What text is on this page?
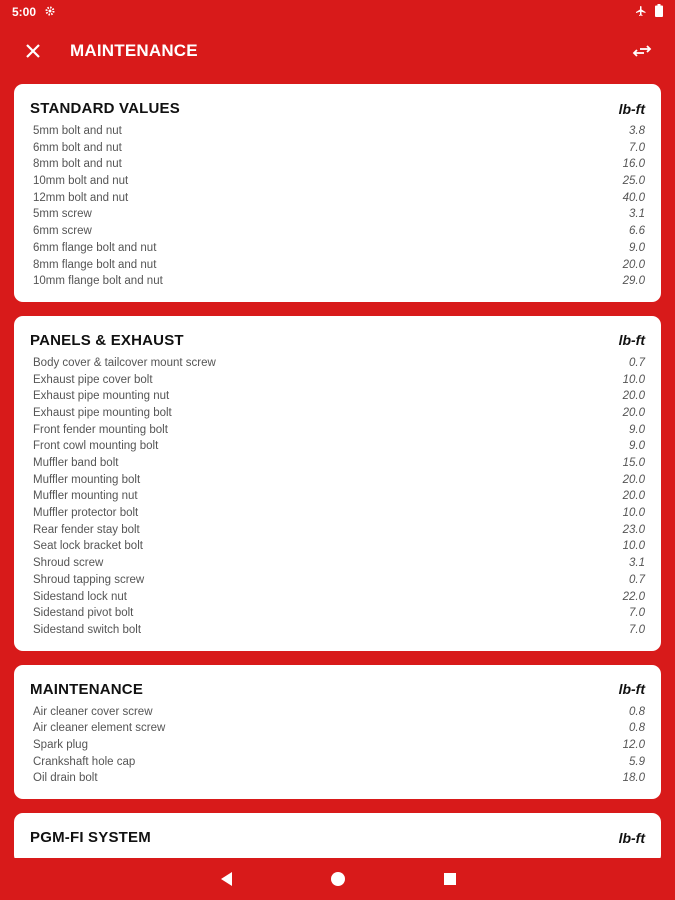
5:00
MAINTENANCE
STANDARD VALUES	lb-ft
5mm bolt and nut	3.8
6mm bolt and nut	7.0
8mm bolt and nut	16.0
10mm bolt and nut	25.0
12mm bolt and nut	40.0
5mm screw	3.1
6mm screw	6.6
6mm flange bolt and nut	9.0
8mm flange bolt and nut	20.0
10mm flange bolt and nut	29.0
PANELS & EXHAUST	lb-ft
Body cover & tailcover mount screw	0.7
Exhaust pipe cover bolt	10.0
Exhaust pipe mounting nut	20.0
Exhaust pipe mounting bolt	20.0
Front fender mounting bolt	9.0
Front cowl mounting bolt	9.0
Muffler band bolt	15.0
Muffler mounting bolt	20.0
Muffler mounting nut	20.0
Muffler protector bolt	10.0
Rear fender stay bolt	23.0
Seat lock bracket bolt	10.0
Shroud screw	3.1
Shroud tapping screw	0.7
Sidestand lock nut	22.0
Sidestand pivot bolt	7.0
Sidestand switch bolt	7.0
MAINTENANCE	lb-ft
Air cleaner cover screw	0.8
Air cleaner element screw	0.8
Spark plug	12.0
Crankshaft hole cap	5.9
Oil drain bolt	18.0
PGM-FI SYSTEM	lb-ft
